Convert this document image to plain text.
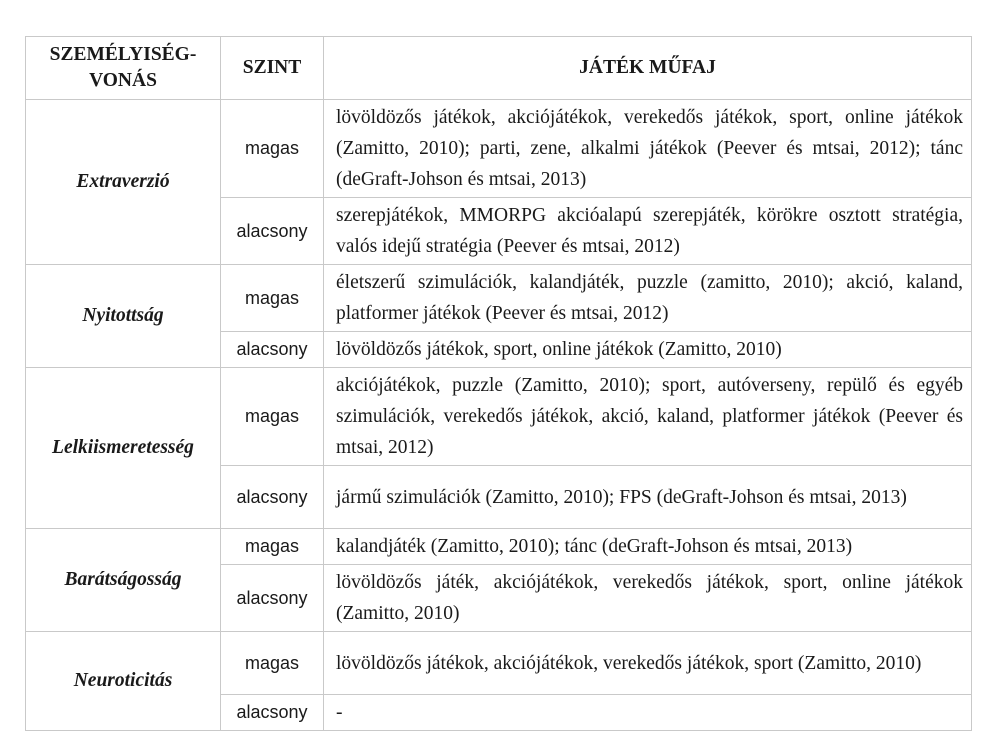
SZEMÉLYISÉG-
VONÁS	SZINT	JÁTÉK MŰFAJ
Extraverzió	magas	lövöldözős játékok, akciójátékok, verekedős játékok, sport, online játékok (Zamitto, 2010); parti, zene, alkalmi játékok (Peever és mtsai, 2012); tánc (deGraft-Johson és mtsai, 2013)
	alacsony	szerepjátékok, MMORPG akcióalapú szerepjáték, körökre osztott stratégia, valós idejű stratégia (Peever és mtsai, 2012)
Nyitottság	magas	életszerű szimulációk, kalandjáték, puzzle (zamitto, 2010); akció, kaland, platformer játékok (Peever és mtsai, 2012)
	alacsony	lövöldözős játékok, sport, online játékok (Zamitto, 2010)
Lelkiismeretesség	magas	akciójátékok, puzzle (Zamitto, 2010); sport, autóverseny, repülő és egyéb szimulációk, verekedős játékok, akció, kaland, platformer játékok (Peever és mtsai, 2012)
	alacsony	jármű szimulációk (Zamitto, 2010); FPS (deGraft-Johson és mtsai, 2013)
Barátságosság	magas	kalandjáték (Zamitto, 2010); tánc (deGraft-Johson és mtsai, 2013)
	alacsony	lövöldözős játék, akciójátékok, verekedős játékok, sport, online játékok (Zamitto, 2010)
Neuroticitás	magas	lövöldözős játékok, akciójátékok, verekedős játékok, sport (Zamitto, 2010)
	alacsony	-
